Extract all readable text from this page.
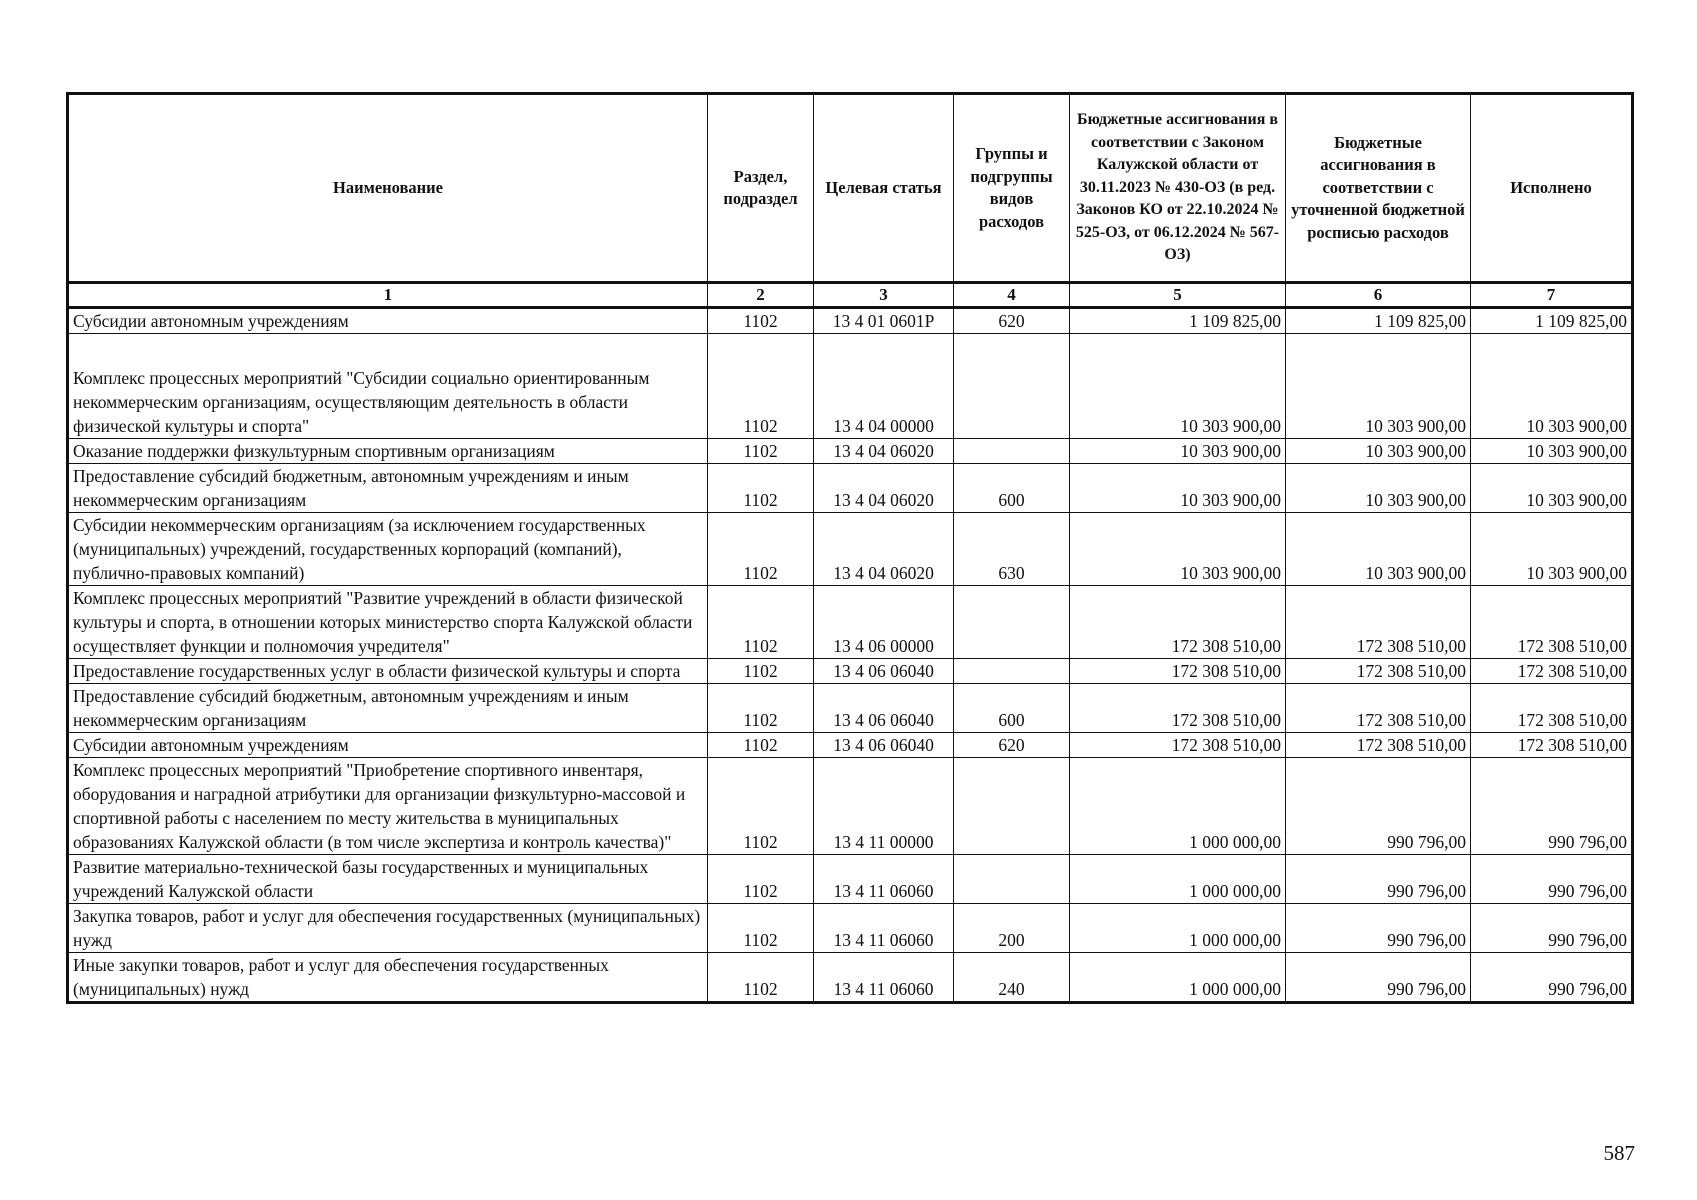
Наименование	Раздел, подраздел	Целевая статья	Группы и подгруппы видов расходов	Бюджетные ассигнования в соответствии с Законом Калужской области от 30.11.2023 № 430-ОЗ (в ред. Законов КО от 22.10.2024 № 525-ОЗ, от 06.12.2024 № 567-ОЗ)	Бюджетные ассигнования в соответствии с уточненной бюджетной росписью расходов	Исполнено
1	2	3	4	5	6	7
Субсидии автономным учреждениям	1102	13 4 01 0601P	620	1 109 825,00	1 109 825,00	1 109 825,00
Комплекс процессных мероприятий "Субсидии социально ориентированным некоммерческим организациям, осуществляющим деятельность в области физической культуры и спорта"	1102	13 4 04 00000		10 303 900,00	10 303 900,00	10 303 900,00
Оказание поддержки физкультурным спортивным организациям	1102	13 4 04 06020		10 303 900,00	10 303 900,00	10 303 900,00
Предоставление субсидий бюджетным, автономным учреждениям и иным некоммерческим организациям	1102	13 4 04 06020	600	10 303 900,00	10 303 900,00	10 303 900,00
Субсидии некоммерческим организациям (за исключением государственных (муниципальных) учреждений, государственных корпораций (компаний), публично-правовых компаний)	1102	13 4 04 06020	630	10 303 900,00	10 303 900,00	10 303 900,00
Комплекс процессных мероприятий "Развитие учреждений в области физической культуры и спорта, в отношении которых министерство спорта Калужской области осуществляет функции и полномочия учредителя"	1102	13 4 06 00000		172 308 510,00	172 308 510,00	172 308 510,00
Предоставление государственных услуг в области физической культуры и спорта	1102	13 4 06 06040		172 308 510,00	172 308 510,00	172 308 510,00
Предоставление субсидий бюджетным, автономным учреждениям и иным некоммерческим организациям	1102	13 4 06 06040	600	172 308 510,00	172 308 510,00	172 308 510,00
Субсидии автономным учреждениям	1102	13 4 06 06040	620	172 308 510,00	172 308 510,00	172 308 510,00
Комплекс процессных мероприятий "Приобретение спортивного инвентаря, оборудования и наградной атрибутики для организации физкультурно-массовой и спортивной работы с населением по месту жительства в муниципальных образованиях Калужской области (в том числе экспертиза и контроль качества)"	1102	13 4 11 00000		1 000 000,00	990 796,00	990 796,00
Развитие материально-технической базы государственных и муниципальных учреждений Калужской области	1102	13 4 11 06060		1 000 000,00	990 796,00	990 796,00
Закупка товаров, работ и услуг для обеспечения государственных (муниципальных) нужд	1102	13 4 11 06060	200	1 000 000,00	990 796,00	990 796,00
Иные закупки товаров, работ и услуг для обеспечения государственных (муниципальных) нужд	1102	13 4 11 06060	240	1 000 000,00	990 796,00	990 796,00
587
